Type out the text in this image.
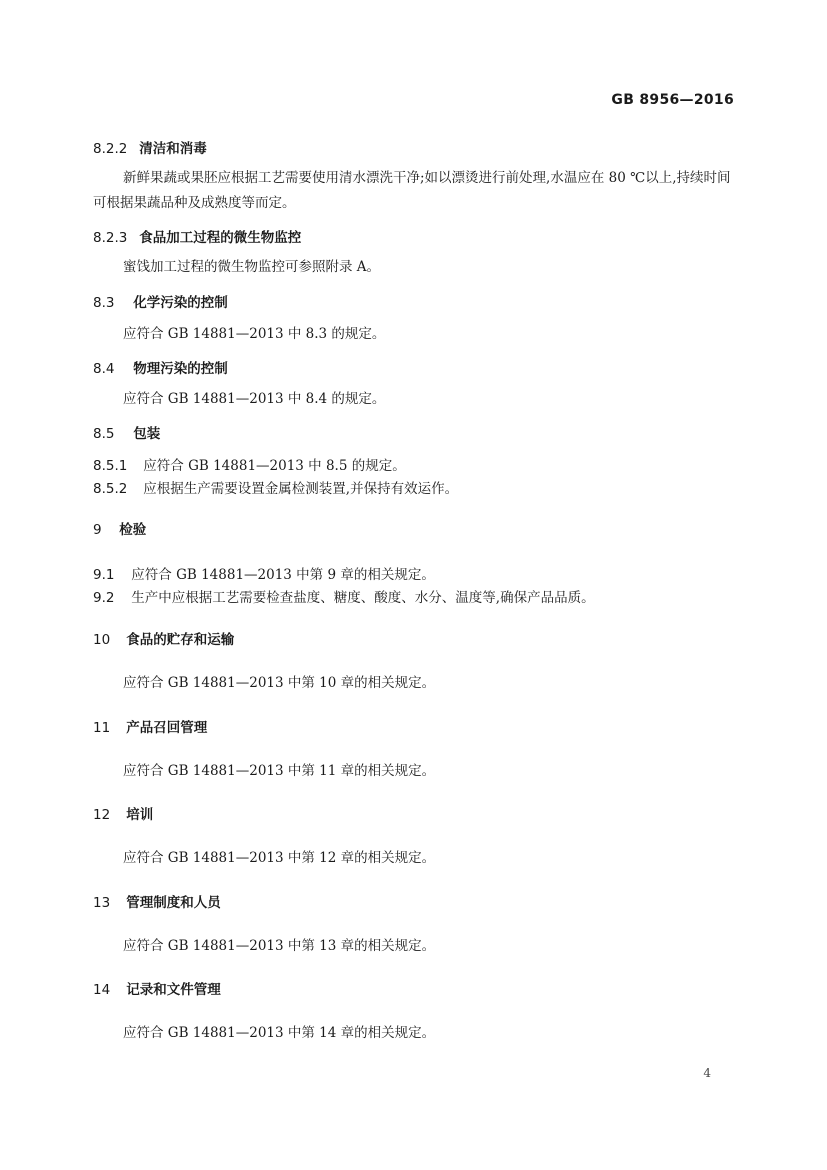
GB 8956—2016
8.2.2 清洁和消毒
新鲜果蔬或果胚应根据工艺需要使用清水漂洗干净;如以漂烫进行前处理,水温应在 80 ℃以上,持续时间可根据果蔬品种及成熟度等而定。
8.2.3 食品加工过程的微生物监控
蜜饯加工过程的微生物监控可参照附录 A。
8.3 化学污染的控制
应符合 GB 14881—2013 中 8.3 的规定。
8.4 物理污染的控制
应符合 GB 14881—2013 中 8.4 的规定。
8.5 包装
8.5.1 应符合 GB 14881—2013 中 8.5 的规定。
8.5.2 应根据生产需要设置金属检测装置,并保持有效运作。
9 检验
9.1 应符合 GB 14881—2013 中第 9 章的相关规定。
9.2 生产中应根据工艺需要检查盐度、糖度、酸度、水分、温度等,确保产品品质。
10 食品的贮存和运输
应符合 GB 14881—2013 中第 10 章的相关规定。
11 产品召回管理
应符合 GB 14881—2013 中第 11 章的相关规定。
12 培训
应符合 GB 14881—2013 中第 12 章的相关规定。
13 管理制度和人员
应符合 GB 14881—2013 中第 13 章的相关规定。
14 记录和文件管理
应符合 GB 14881—2013 中第 14 章的相关规定。
4
